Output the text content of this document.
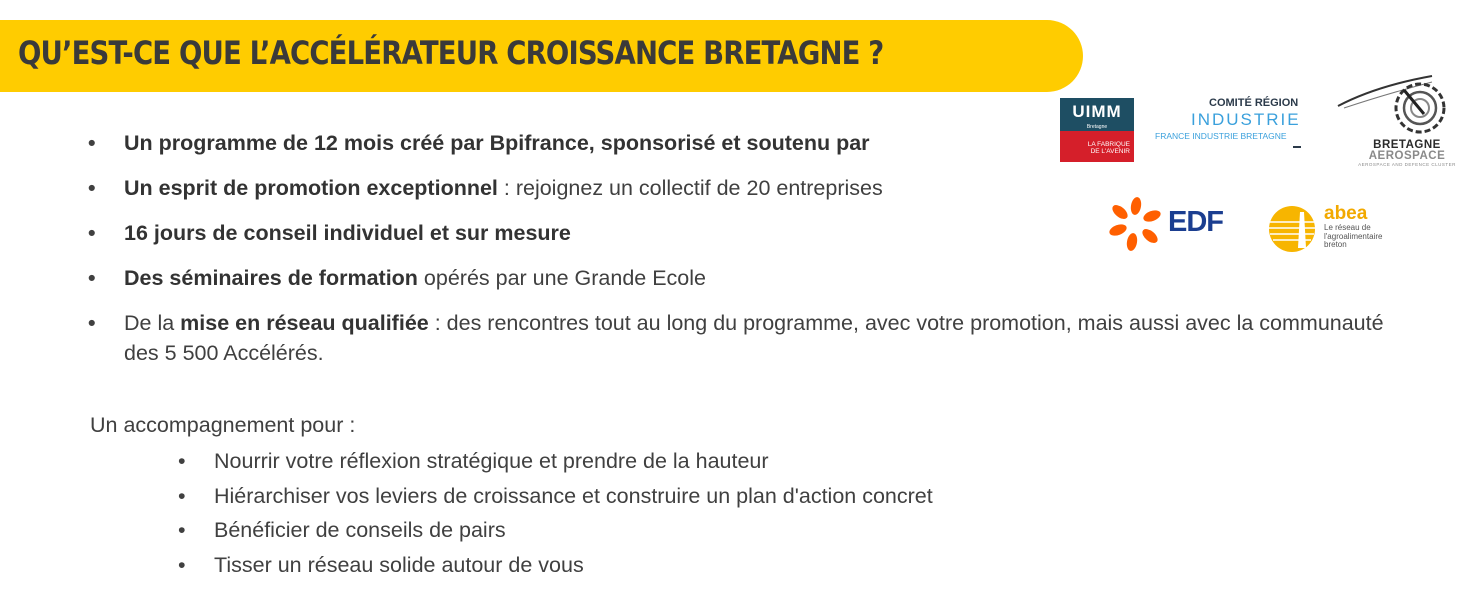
QU’EST-CE QUE L’ACCÉLÉRATEUR CROISSANCE BRETAGNE ?
• Un programme de 12 mois créé par Bpifrance, sponsorisé et soutenu par
• Un esprit de promotion exceptionnel : rejoignez un collectif de 20 entreprises
• 16 jours de conseil individuel et sur mesure
• Des séminaires de formation opérés par une Grande Ecole
• De la mise en réseau qualifiée : des rencontres tout au long du programme, avec votre promotion, mais aussi avec la communauté des 5 500 Accélérés.
Un accompagnement pour :
• Nourrir votre réflexion stratégique et prendre de la hauteur
• Hiérarchiser vos leviers de croissance et construire un plan d'action concret
• Bénéficier de conseils de pairs
• Tisser un réseau solide autour de vous
UIMM
Bretagne
LA FABRIQUE
DE L'AVENIR
COMITÉ RÉGION
INDUSTRIE
FRANCE INDUSTRIE BRETAGNE
BRETAGNE
AEROSPACE
AEROSPACE AND DEFENCE CLUSTER
EDF	abea
Le réseau de
l'agroalimentaire
breton
